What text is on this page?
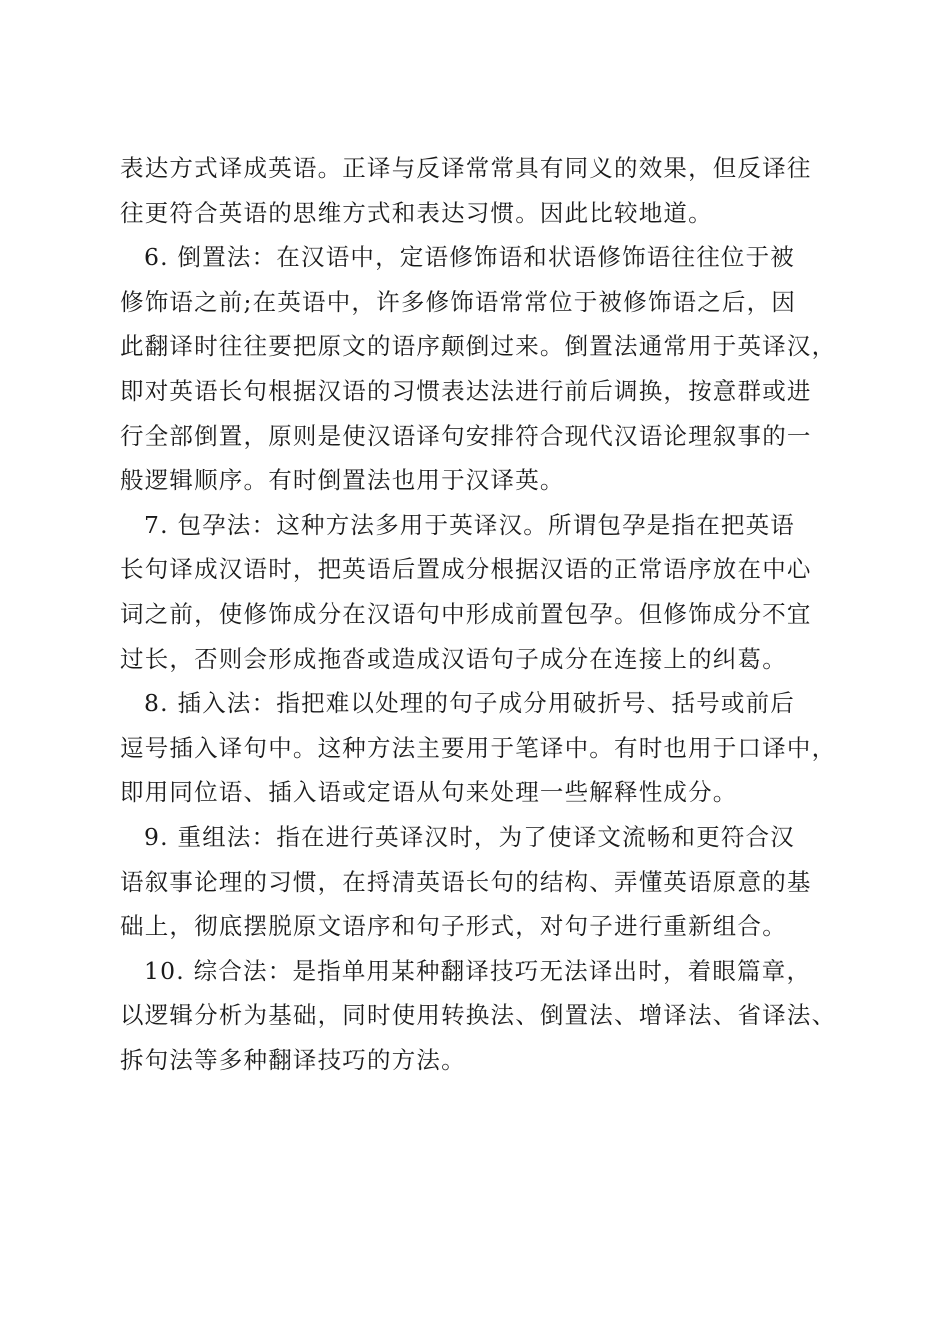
表达方式译成英语。正译与反译常常具有同义的效果，但反译往
往更符合英语的思维方式和表达习惯。因此比较地道。
6. 倒置法：在汉语中，定语修饰语和状语修饰语往往位于被
修饰语之前;在英语中，许多修饰语常常位于被修饰语之后，因
此翻译时往往要把原文的语序颠倒过来。倒置法通常用于英译汉，
即对英语长句根据汉语的习惯表达法进行前后调换，按意群或进
行全部倒置，原则是使汉语译句安排符合现代汉语论理叙事的一
般逻辑顺序。有时倒置法也用于汉译英。
7. 包孕法：这种方法多用于英译汉。所谓包孕是指在把英语
长句译成汉语时，把英语后置成分根据汉语的正常语序放在中心
词之前，使修饰成分在汉语句中形成前置包孕。但修饰成分不宜
过长，否则会形成拖沓或造成汉语句子成分在连接上的纠葛。
8. 插入法：指把难以处理的句子成分用破折号、括号或前后
逗号插入译句中。这种方法主要用于笔译中。有时也用于口译中，
即用同位语、插入语或定语从句来处理一些解释性成分。
9. 重组法：指在进行英译汉时，为了使译文流畅和更符合汉
语叙事论理的习惯，在捋清英语长句的结构、弄懂英语原意的基
础上，彻底摆脱原文语序和句子形式，对句子进行重新组合。
10. 综合法：是指单用某种翻译技巧无法译出时，着眼篇章，
以逻辑分析为基础，同时使用转换法、倒置法、增译法、省译法、
拆句法等多种翻译技巧的方法。
